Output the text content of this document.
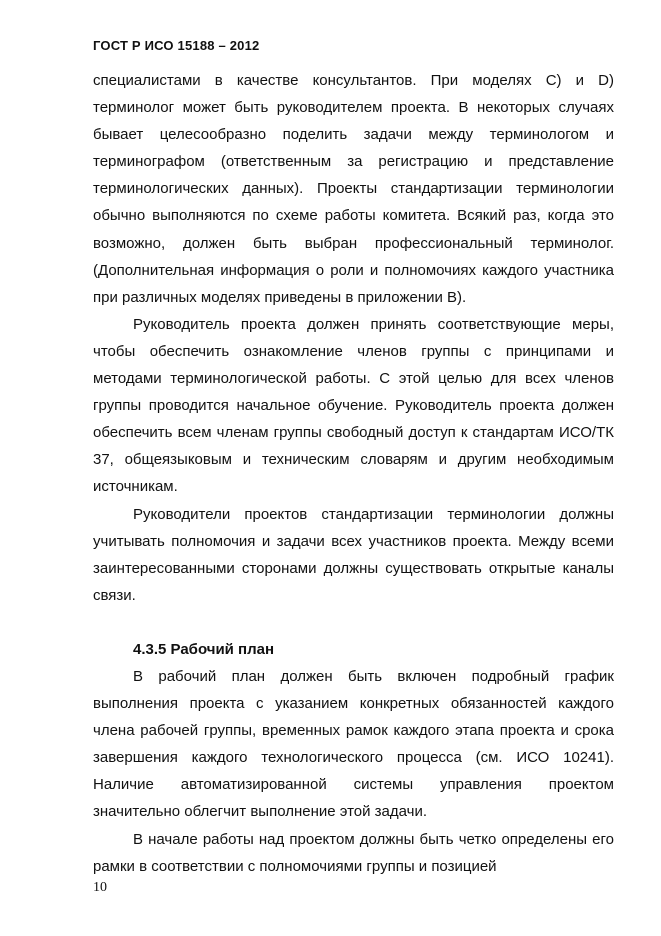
ГОСТ Р ИСО 15188 – 2012

специалистами в качестве консультантов. При моделях C) и D) терминолог может быть руководителем проекта. В некоторых случаях бывает целесообразно поделить задачи между терминологом и терминографом (ответственным за регистрацию и представление терминологических данных). Проекты стандартизации терминологии обычно выполняются по схеме работы комитета. Всякий раз, когда это возможно, должен быть выбран профессиональный терминолог. (Дополнительная информация о роли и полномочиях каждого участника при различных моделях приведены в приложении В).

Руководитель проекта должен принять соответствующие меры, чтобы обеспечить ознакомление членов группы с принципами и методами терминологической работы. С этой целью для всех членов группы проводится начальное обучение. Руководитель проекта должен обеспечить всем членам группы свободный доступ к стандартам ИСО/ТК 37, общеязыковым и техническим словарям и другим необходимым источникам.

Руководители проектов стандартизации терминологии должны учитывать полномочия и задачи всех участников проекта. Между всеми заинтересованными сторонами должны существовать открытые каналы связи.

4.3.5 Рабочий план

В рабочий план должен быть включен подробный график выполнения проекта с указанием конкретных обязанностей каждого члена рабочей группы, временных рамок каждого этапа проекта и срока завершения каждого технологического процесса (см. ИСО 10241). Наличие автоматизированной системы управления проектом значительно облегчит выполнение этой задачи.

В начале работы над проектом должны быть четко определены его рамки в соответствии с полномочиями группы и позицией

10
